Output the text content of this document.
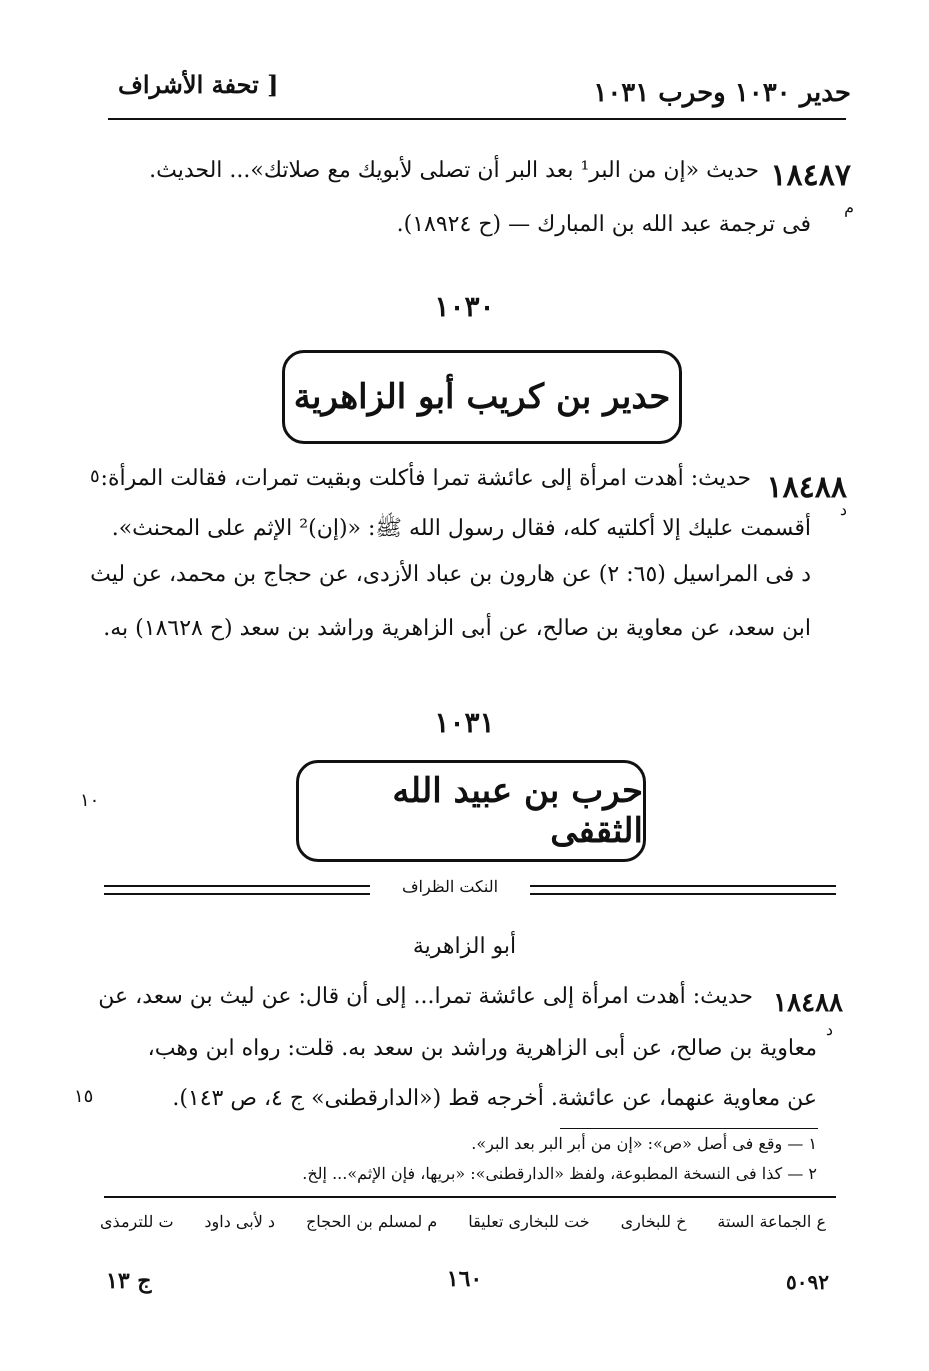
حدير ١٠٣٠ وحرب ١٠٣١
[ تحفة الأشراف
١٨٤٨٧
حديث «إن من البر¹ بعد البر أن تصلى لأبويك مع صلاتك»... الحديث.
م
فى ترجمة عبد الله بن المبارك — (ح ١٨٩٢٤).
١٠٣٠
حدير بن كريب أبو الزاهرية
١٨٤٨٨
د
حديث: أهدت امرأة إلى عائشة تمرا فأكلت وبقيت تمرات، فقالت المرأة:
٥
أقسمت عليك إلا أكلتيه كله، فقال رسول الله ﷺ: «(إن)² الإثم على المحنث».
د فى المراسيل (٦٥: ٢) عن هارون بن عباد الأزدى، عن حجاج بن محمد، عن ليث
ابن سعد، عن معاوية بن صالح، عن أبى الزاهرية وراشد بن سعد (ح ١٨٦٢٨) به.
١٠٣١
حرب بن عبيد الله الثقفى
١٠
النكت الظراف
أبو الزاهرية
١٨٤٨٨
د
حديث: أهدت امرأة إلى عائشة تمرا... إلى أن قال: عن ليث بن سعد، عن
معاوية بن صالح، عن أبى الزاهرية وراشد بن سعد به. قلت: رواه ابن وهب،
عن معاوية عنهما، عن عائشة. أخرجه قط («الدارقطنى» ج ٤، ص ١٤٣).
١٥
١ — وقع فى أصل «ص»: «إن من أبر البر بعد البر».
٢ — كذا فى النسخة المطبوعة، ولفظ «الدارقطنى»: «بريها، فإن الإثم»... إلخ.
ع الجماعة الستة
خ للبخارى
خت للبخارى تعليقا
م لمسلم بن الحجاج
د لأبى داود
ت للترمذى
ج ١٣	١٦٠	٥٠٩٢
